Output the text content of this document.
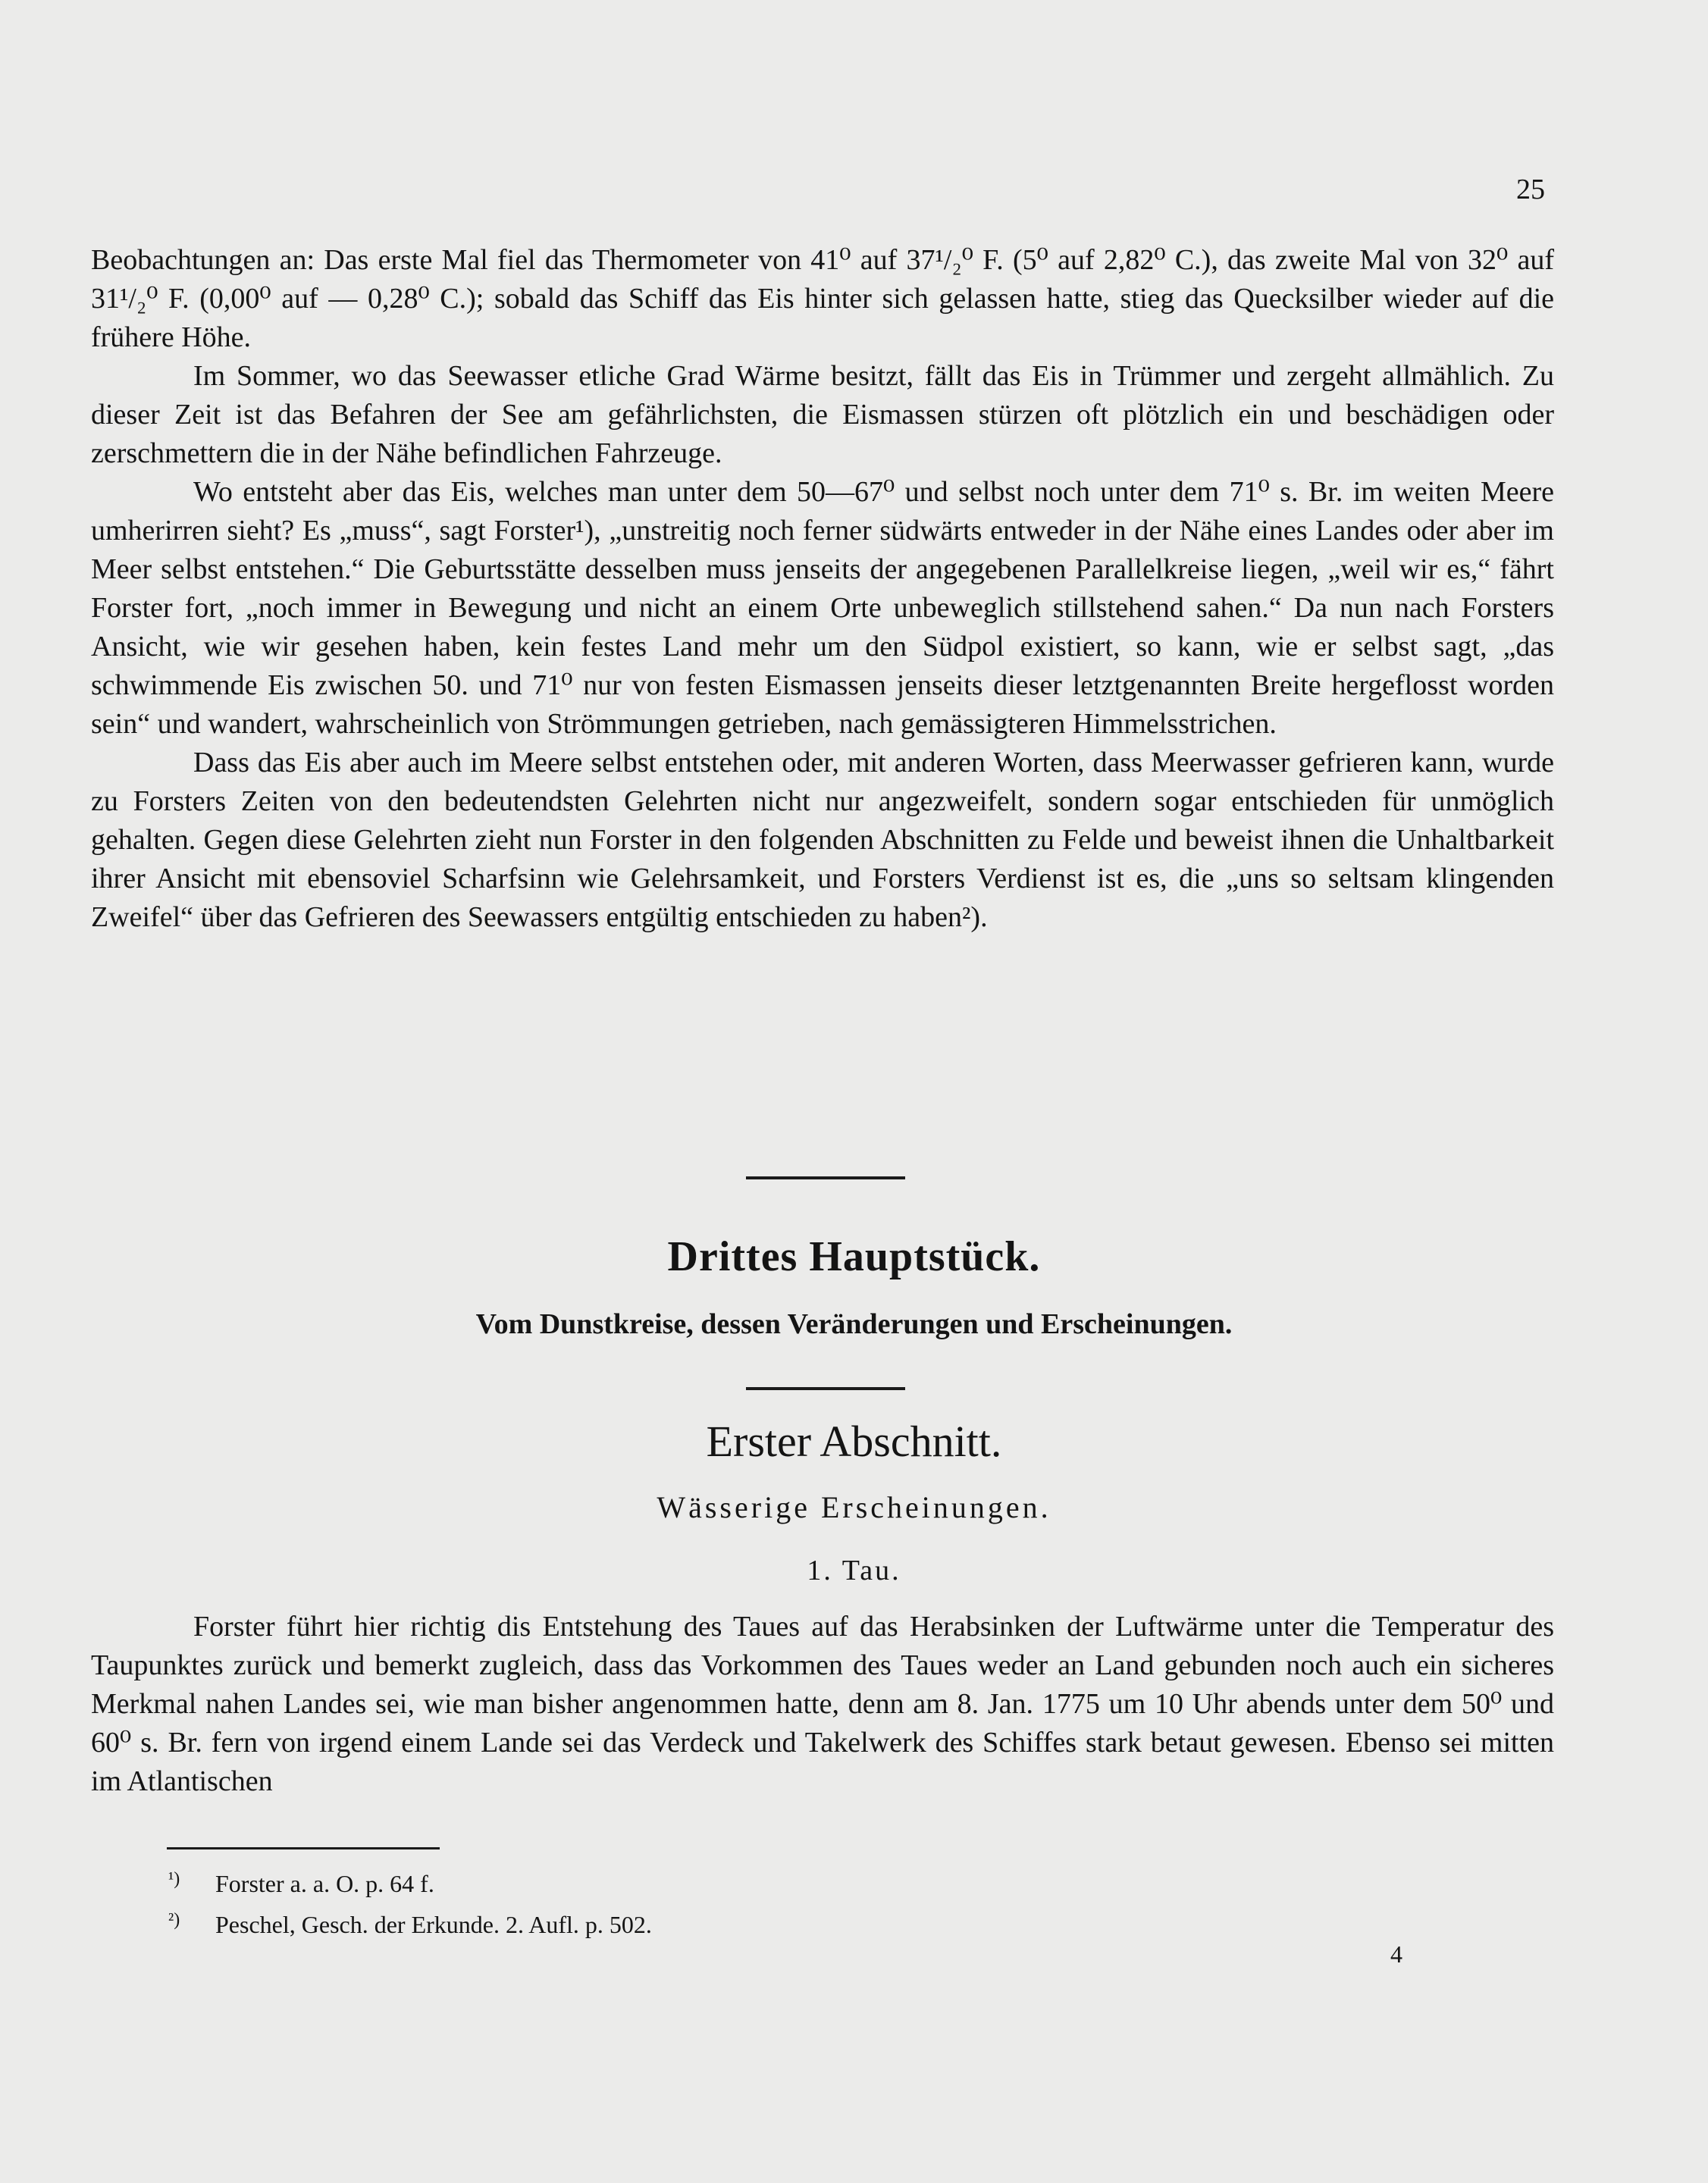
25

Beobachtungen an: Das erste Mal fiel das Thermometer von 41⁰ auf 37¹/₂⁰ F. (5⁰ auf 2,82⁰ C.), das zweite Mal von 32⁰ auf 31¹/₂⁰ F. (0,00⁰ auf — 0,28⁰ C.); sobald das Schiff das Eis hinter sich gelassen hatte, stieg das Quecksilber wieder auf die frühere Höhe.

Im Sommer, wo das Seewasser etliche Grad Wärme besitzt, fällt das Eis in Trümmer und zergeht allmählich. Zu dieser Zeit ist das Befahren der See am gefährlichsten, die Eismassen stürzen oft plötzlich ein und beschädigen oder zerschmettern die in der Nähe befindlichen Fahrzeuge.

Wo entsteht aber das Eis, welches man unter dem 50—67⁰ und selbst noch unter dem 71⁰ s. Br. im weiten Meere umherirren sieht? Es „muss“, sagt Forster¹), „unstreitig noch ferner südwärts entweder in der Nähe eines Landes oder aber im Meer selbst entstehen.“ Die Geburtsstätte desselben muss jenseits der angegebenen Parallelkreise liegen, „weil wir es,“ fährt Forster fort, „noch immer in Bewegung und nicht an einem Orte unbeweglich stillstehend sahen.“ Da nun nach Forsters Ansicht, wie wir gesehen haben, kein festes Land mehr um den Südpol existiert, so kann, wie er selbst sagt, „das schwimmende Eis zwischen 50. und 71⁰ nur von festen Eismassen jenseits dieser letztgenannten Breite hergeflosst worden sein“ und wandert, wahrscheinlich von Strömmungen getrieben, nach gemässigteren Himmelsstrichen.

Dass das Eis aber auch im Meere selbst entstehen oder, mit anderen Worten, dass Meerwasser gefrieren kann, wurde zu Forsters Zeiten von den bedeutendsten Gelehrten nicht nur angezweifelt, sondern sogar entschieden für unmöglich gehalten. Gegen diese Gelehrten zieht nun Forster in den folgenden Abschnitten zu Felde und beweist ihnen die Unhaltbarkeit ihrer Ansicht mit ebensoviel Scharfsinn wie Gelehrsamkeit, und Forsters Verdienst ist es, die „uns so seltsam klingenden Zweifel“ über das Gefrieren des Seewassers entgültig entschieden zu haben²).

Drittes Hauptstück.
Vom Dunstkreise, dessen Veränderungen und Erscheinungen.
Erster Abschnitt.
Wässerige Erscheinungen.
1. Tau.

Forster führt hier richtig dis Entstehung des Taues auf das Herabsinken der Luftwärme unter die Temperatur des Taupunktes zurück und bemerkt zugleich, dass das Vorkommen des Taues weder an Land gebunden noch auch ein sicheres Merkmal nahen Landes sei, wie man bisher angenommen hatte, denn am 8. Jan. 1775 um 10 Uhr abends unter dem 50⁰ und 60⁰ s. Br. fern von irgend einem Lande sei das Verdeck und Takelwerk des Schiffes stark betaut gewesen. Ebenso sei mitten im Atlantischen

¹) Forster a. a. O. p. 64 f.
²) Peschel, Gesch. der Erkunde. 2. Aufl. p. 502.
4
